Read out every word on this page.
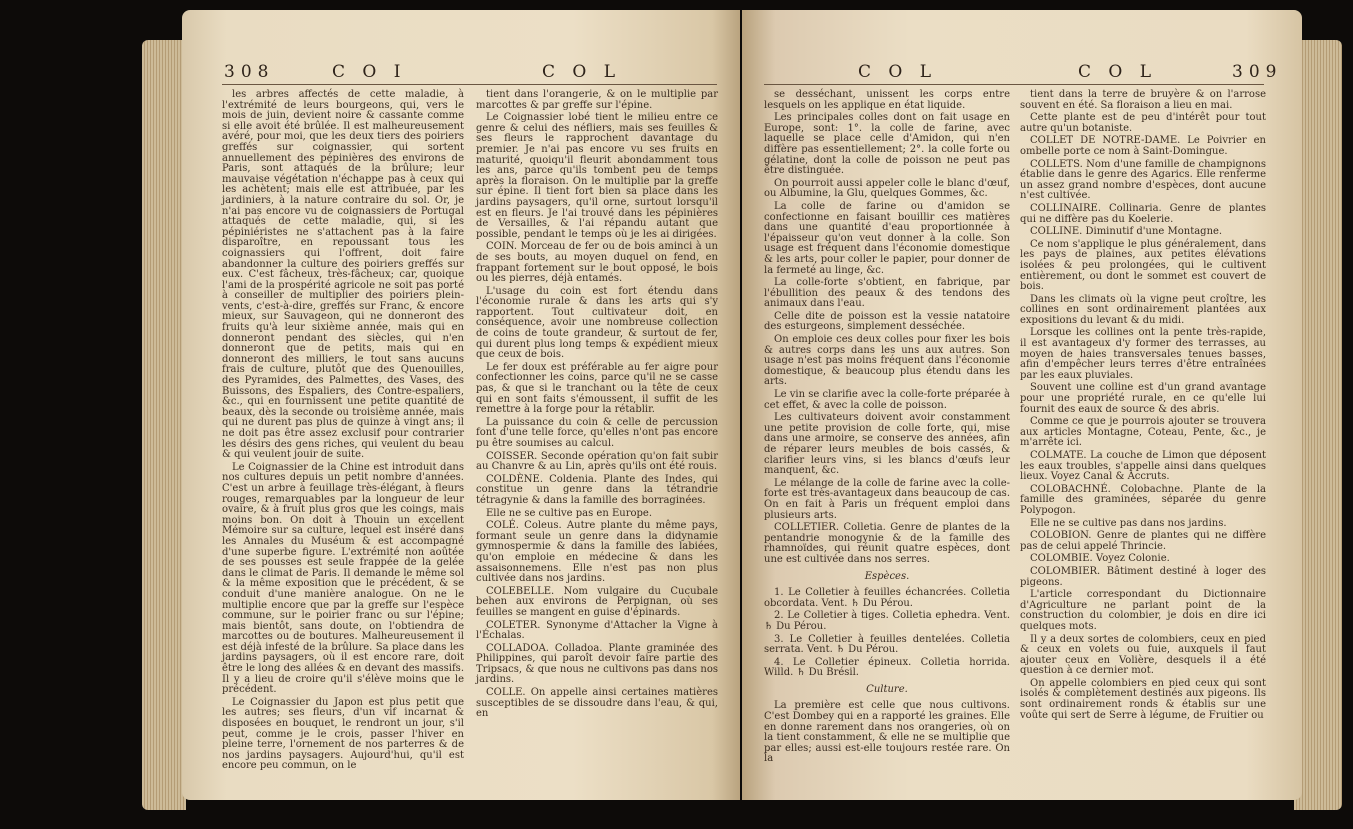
308	C O I	C O L

les arbres affectés de cette maladie, à l'extrémité de leurs bourgeons, qui, vers le mois de juin, devient noire & cassante comme si elle avoit été brûlée. Il est malheureusement avéré, pour moi, que les deux tiers des poiriers greffés sur coignassier, qui sortent annuellement des pépinières des environs de Paris, sont attaqués de la brûlure; leur mauvaise végétation n'échappe pas à ceux qui les achètent; mais elle est attribuée, par les jardiniers, à la nature contraire du sol. Or, je n'ai pas encore vu de coignassiers de Portugal attaqués de cette maladie, qui, si les pépiniéristes ne s'attachent pas à la faire disparoître, en repoussant tous les coignassiers qui l'offrent, doit faire abandonner la culture des poiriers greffés sur eux. C'est fâcheux, très-fâcheux; car, quoique l'ami de la prospérité agricole ne soit pas porté à conseiller de multiplier des poiriers plein-vents, c'est-à-dire, greffés sur Franc, & encore mieux, sur Sauvageon, qui ne donneront des fruits qu'à leur sixième année, mais qui en donneront pendant des siècles, qui n'en donneront que de petits, mais qui en donneront des milliers, le tout sans aucuns frais de culture, plutôt que des Quenouilles, des Pyramides, des Palmettes, des Vases, des Buissons, des Espaliers, des Contre-espaliers, &c., qui en fournissent une petite quantité de beaux, dès la seconde ou troisième année, mais qui ne durent pas plus de quinze à vingt ans; il ne doit pas être assez exclusif pour contrarier les désirs des gens riches, qui veulent du beau & qui veulent jouir de suite.

Le Coignassier de la Chine est introduit dans nos cultures depuis un petit nombre d'années. C'est un arbre à feuillage très-élégant, à fleurs rouges, remarquables par la longueur de leur ovaire, & à fruit plus gros que les coings, mais moins bon. On doit à Thouin un excellent Mémoire sur sa culture, lequel est inséré dans les Annales du Muséum & est accompagné d'une superbe figure. L'extrémité non aoûtée de ses pousses est seule frappée de la gelée dans le climat de Paris. Il demande le même sol & la même exposition que le précédent, & se conduit d'une manière analogue. On ne le multiplie encore que par la greffe sur l'espèce commune, sur le poirier franc ou sur l'épine; mais bientôt, sans doute, on l'obtiendra de marcottes ou de boutures. Malheureusement il est déjà infesté de la brûlure. Sa place dans les jardins paysagers, où il est encore rare, doit être le long des allées & en devant des massifs. Il y a lieu de croire qu'il s'élève moins que le précédent.

Le Coignassier du Japon est plus petit que les autres; ses fleurs, d'un vif incarnat & disposées en bouquet, le rendront un jour, s'il peut, comme je le crois, passer l'hiver en pleine terre, l'ornement de nos parterres & de nos jardins paysagers. Aujourd'hui, qu'il est encore peu commun, on le

tient dans l'orangerie, & on le multiplie par marcottes & par greffe sur l'épine.

Le Coignassier lobé tient le milieu entre ce genre & celui des néfliers, mais ses feuilles & ses fleurs le rapprochent davantage du premier. Je n'ai pas encore vu ses fruits en maturité, quoiqu'il fleurit abondamment tous les ans, parce qu'ils tombent peu de temps après la floraison. On le multiplie par la greffe sur épine. Il tient fort bien sa place dans les jardins paysagers, qu'il orne, surtout lorsqu'il est en fleurs. Je l'ai trouvé dans les pépinières de Versailles, & l'ai répandu autant que possible, pendant le temps où je les ai dirigées.

COIN. Morceau de fer ou de bois aminci à un de ses bouts, au moyen duquel on fend, en frappant fortement sur le bout opposé, le bois ou les pierres, déjà entamés.

L'usage du coin est fort étendu dans l'économie rurale & dans les arts qui s'y rapportent. Tout cultivateur doit, en conséquence, avoir une nombreuse collection de coins de toute grandeur, & surtout de fer, qui durent plus long temps & expédient mieux que ceux de bois.

Le fer doux est préférable au fer aigre pour confectionner les coins, parce qu'il ne se casse pas, & que si le tranchant ou la tête de ceux qui en sont faits s'émoussent, il suffit de les remettre à la forge pour la rétablir.

La puissance du coin & celle de percussion font d'une telle force, qu'elles n'ont pas encore pu être soumises au calcul.

COISSER. Seconde opération qu'on fait subir au Chanvre & au Lin, après qu'ils ont été rouis.

COLDÈNE. Coldenia. Plante des Indes, qui constitue un genre dans la tétrandrie tétragynie & dans la famille des borraginées.

Elle ne se cultive pas en Europe.

COLÉ. Coleus. Autre plante du même pays, formant seule un genre dans la didynamie gymnospermie & dans la famille des labiées, qu'on emploie en médecine & dans les assaisonnemens. Elle n'est pas non plus cultivée dans nos jardins.

COLEBELLE. Nom vulgaire du Cucubale behen aux environs de Perpignan, où ses feuilles se mangent en guise d'épinards.

COLETER. Synonyme d'Attacher la Vigne à l'Échalas.

COLLADOA. Colladoa. Plante graminée des Philippines, qui paroît devoir faire partie des Tripsacs, & que nous ne cultivons pas dans nos jardins.

COLLE. On appelle ainsi certaines matières susceptibles de se dissoudre dans l'eau, & qui, en

C O L	C O L	309

se desséchant, unissent les corps entre lesquels on les applique en état liquide.

Les principales colles dont on fait usage en Europe, sont: 1°. la colle de farine, avec laquelle se place celle d'Amidon, qui n'en diffère pas essentiellement; 2°. la colle forte ou gélatine, dont la colle de poisson ne peut pas être distinguée.

On pourroit aussi appeler colle le blanc d'œuf, ou Albumine, la Glu, quelques Gommes, &c.

La colle de farine ou d'amidon se confectionne en faisant bouillir ces matières dans une quantité d'eau proportionnée à l'épaisseur qu'on veut donner à la colle. Son usage est fréquent dans l'économie domestique & les arts, pour coller le papier, pour donner de la fermeté au linge, &c.

La colle-forte s'obtient, en fabrique, par l'ébullition des peaux & des tendons des animaux dans l'eau.

Celle dite de poisson est la vessie natatoire des esturgeons, simplement desséchée.

On emploie ces deux colles pour fixer les bois & autres corps dans les uns aux autres. Son usage n'est pas moins fréquent dans l'économie domestique, & beaucoup plus étendu dans les arts.

Le vin se clarifie avec la colle-forte préparée à cet effet, & avec la colle de poisson.

Les cultivateurs doivent avoir constamment une petite provision de colle forte, qui, mise dans une armoire, se conserve des années, afin de réparer leurs meubles de bois cassés, & clarifier leurs vins, si les blancs d'œufs leur manquent, &c.

Le mélange de la colle de farine avec la colle-forte est très-avantageux dans beaucoup de cas. On en fait à Paris un fréquent emploi dans plusieurs arts.

COLLETIER. Colletia. Genre de plantes de la pentandrie monogynie & de la famille des rhamnoïdes, qui réunit quatre espèces, dont une est cultivée dans nos serres.

Espèces.

1. Le Colletier à feuilles échancrées. Colletia obcordata. Vent. ♄ Du Pérou.

2. Le Colletier à tiges. Colletia ephedra. Vent. ♄ Du Pérou.

3. Le Colletier à feuilles dentelées. Colletia serrata. Vent. ♄ Du Pérou.

4. Le Colletier épineux. Colletia horrida. Willd. ♄ Du Brésil.

Culture.

La première est celle que nous cultivons. C'est Dombey qui en a rapporté les graines. Elle en donne rarement dans nos orangeries, où on la tient constamment, & elle ne se multiplie que par elles; aussi est-elle toujours restée rare. On la

tient dans la terre de bruyère & on l'arrose souvent en été. Sa floraison a lieu en mai.

Cette plante est de peu d'intérêt pour tout autre qu'un botaniste.

COLLET DE NOTRE-DAME. Le Poivrier en ombelle porte ce nom à Saint-Domingue.

COLLETS. Nom d'une famille de champignons établie dans le genre des Agarics. Elle renferme un assez grand nombre d'espèces, dont aucune n'est cultivée.

COLLINAIRE. Collinaria. Genre de plantes qui ne diffère pas du Koelerie.

COLLINE. Diminutif d'une Montagne.

Ce nom s'applique le plus généralement, dans les pays de plaines, aux petites élévations isolées & peu prolongées, qui le cultivent entièrement, ou dont le sommet est couvert de bois.

Dans les climats où la vigne peut croître, les collines en sont ordinairement plantées aux expositions du levant & du midi.

Lorsque les collines ont la pente très-rapide, il est avantageux d'y former des terrasses, au moyen de haies transversales tenues basses, afin d'empêcher leurs terres d'être entraînées par les eaux pluviales.

Souvent une colline est d'un grand avantage pour une propriété rurale, en ce qu'elle lui fournit des eaux de source & des abris.

Comme ce que je pourrois ajouter se trouvera aux articles Montagne, Coteau, Pente, &c., je m'arrête ici.

COLMATE. La couche de Limon que déposent les eaux troubles, s'appelle ainsi dans quelques lieux. Voyez Canal & Accruts.

COLOBACHNÉ. Colobachne. Plante de la famille des graminées, séparée du genre Polypogon.

Elle ne se cultive pas dans nos jardins.

COLOBION. Genre de plantes qui ne diffère pas de celui appelé Thrincie.

COLOMBIE. Voyez Colonie.

COLOMBIER. Bâtiment destiné à loger des pigeons.

L'article correspondant du Dictionnaire d'Agriculture ne parlant point de la construction du colombier, je dois en dire ici quelques mots.

Il y a deux sortes de colombiers, ceux en pied & ceux en volets ou fuie, auxquels il faut ajouter ceux en Volière, desquels il a été question à ce dernier mot.

On appelle colombiers en pied ceux qui sont isolés & complètement destinés aux pigeons. Ils sont ordinairement ronds & établis sur une voûte qui sert de Serre à légume, de Fruitier ou
